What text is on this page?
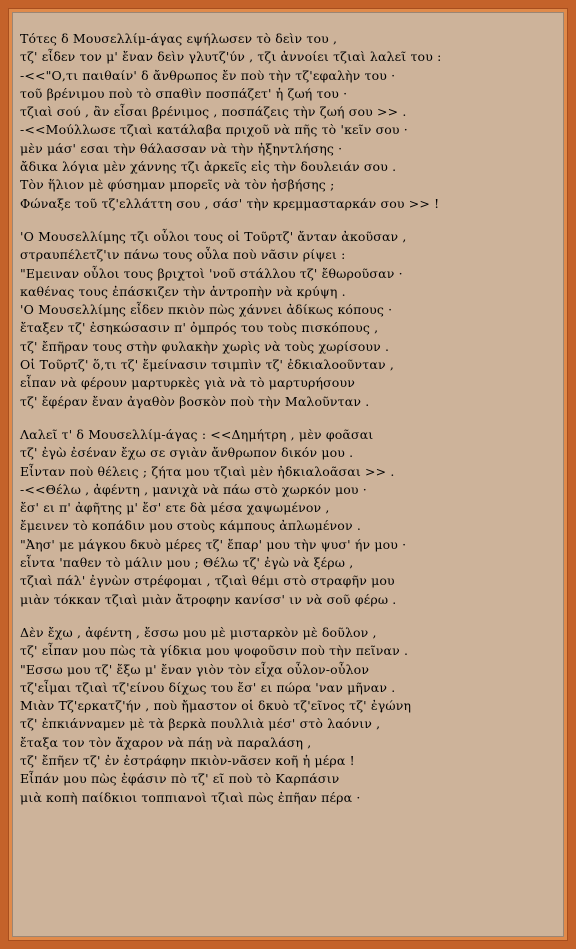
Τότες δ Μουσελλίμ-άγας εψήλωσεν τὸ δεὶν του ,
τζ' εἶδεν τον μ' ἔναν δεὶν γλυτζ'ύν , τζι ἀννοίει τζιαὶ λαλεῖ του :
-<<"Ο,τι παιθαίν' δ ἄνθρωπος ἔν ποὺ τὴν τζ'εφαλὴν του ·
τοῦ βρένιμου ποὺ τὸ σπαθὶν ποσπάζετ' ἡ ζωή του ·
τζιαὶ σού , ἂν εἶσαι βρένιμος , ποσπάζεις τὴν ζωή σου >> .
-<<Μούλλωσε τζιαὶ κατάλαβα πριχοῦ νὰ πῆς τὸ 'κεῖν σου ·
μὲν μάσ' εσαι τὴν θάλασσαν νὰ τὴν ἠξηντλήσης ·
ἄδικα λόγια μὲν χάννης τζι ἀρκεῖς εἰς τὴν δουλειάν σου .
Τὸν ἥλιον μὲ φύσημαν μπορεῖς νὰ τὸν ἠσβήσης ;
Φώναξε τοῦ τζ'ελλάττη σου , σάσ' τὴν κρεμμασταρκάν σου >> !
'Ο Μουσελλίμης τζι οὖλοι τους οἱ Τοῦρτζ' ἄνταν ἀκοῦσαν ,
στραυπέλετζ'ιν πάνω τους οὖλα ποὺ νᾶσιν ρίψει :
"Εμειναν οὖλοι τους βριχτοὶ 'νοῦ στάλλου τζ' ἔθωροῦσαν ·
καθένας τους ἐπάσκιζεν τὴν ἀντροπὴν νὰ κρύψη .
'Ο Μουσελλίμης εἶδεν πκιὸν πὼς χάννει ἀδίκως κόπους ·
ἔταξεν τζ' ἐσηκώσασιν π' ὀμπρός του τοὺς πισκόπους ,
τζ' ἔπῆραν τους στὴν φυλακὴν χωρὶς νὰ τοὺς χωρίσουν .
Οἱ Τοῦρτζ' ὅ,τι τζ' ἔμείνασιν τσιμπὶν τζ' ἐδκιαλοοῦνταν ,
εἶπαν νὰ φέρουν μαρτυρκὲς γιὰ νὰ τὸ μαρτυρήσουν
τζ' ἔφέραν ἔναν ἀγαθὸν βοσκὸν ποὺ τὴν Μαλοῦνταν .
Λαλεῖ τ' δ Μουσελλίμ-άγας : <<Δημήτρη , μὲν φοᾶσαι
τζ' ἐγὼ ἐσέναν ἔχω σε σγιὰν ἄνθρωπον δικόν μου .
Εἶνταν ποὺ θέλεις ; ζήτα μου τζιαὶ μὲν ἠδκιαλοᾶσαι >> .
-<<Θέλω , ἀφέντη , μανιχὰ νὰ πάω στὸ χωρκόν μου ·
ἔσ' ει π' ἀφῆτης μ' ἔσ' ετε δὰ μέσα χαψωμένον ,
ἔμεινεν τὸ κοπάδιν μου στοὺς κάμπους ἀπλωμένον .
"Ἀησ' με μάγκου δκυὸ μέρες τζ' ἔπαρ' μου τὴν ψυσ' ήν μου ·
εἶντα 'παθεν τὸ μάλιν μου ; Θέλω τζ' ἐγὼ νὰ ξέρω ,
τζιαὶ πάλ' ἐγνὼν στρέφομαι , τζιαὶ θέμι στὸ στραφῆν μου
μιὰν τόκκαν τζιαὶ μιὰν ἄτροφην κανίσσ' ιν νὰ σοῦ φέρω .
Δὲν ἔχω , ἀφέντη , ἔσσω μου μὲ μισταρκὸν μὲ δοῦλον ,
τζ' εἶπαν μου πὼς τὰ γίδκια μου ψοφοῦσιν ποὺ τὴν πεῖναν .
"Εσσω μου τζ' ἔξω μ' ἔναν γιὸν τὸν εἶχα οὖλον-οὖλον
τζ'εἶμαι τζιαὶ τζ'είνου δίχως του ἔσ' ει πώρα 'ναν μῆναν .
Μιὰν Τζ'ερκατζ'ήν , ποὺ ἤμαστον οἱ δκυὸ τζ'εῖνος τζ' ἐγώνη
τζ' ἐπκιάνναμεν μὲ τὰ βερκὰ πουλλιὰ μέσ' στὸ λαόνιν ,
ἔταξα τον τὸν ἄχαρον νὰ πάῃ νὰ παραλάση ,
τζ' ἔπῆεν τζ' ἐν ἐστράφην πκιὸν-νᾶσεν κοῆ ἡ μέρα !
Εἶπάν μου πὼς ἐφάσιν πὸ τζ' εῖ ποὺ τὸ Καρπάσιν
μιὰ κοπὴ παίδκιοι τοππιανοὶ τζιαὶ πὼς ἐπῆαν πέρα ·
